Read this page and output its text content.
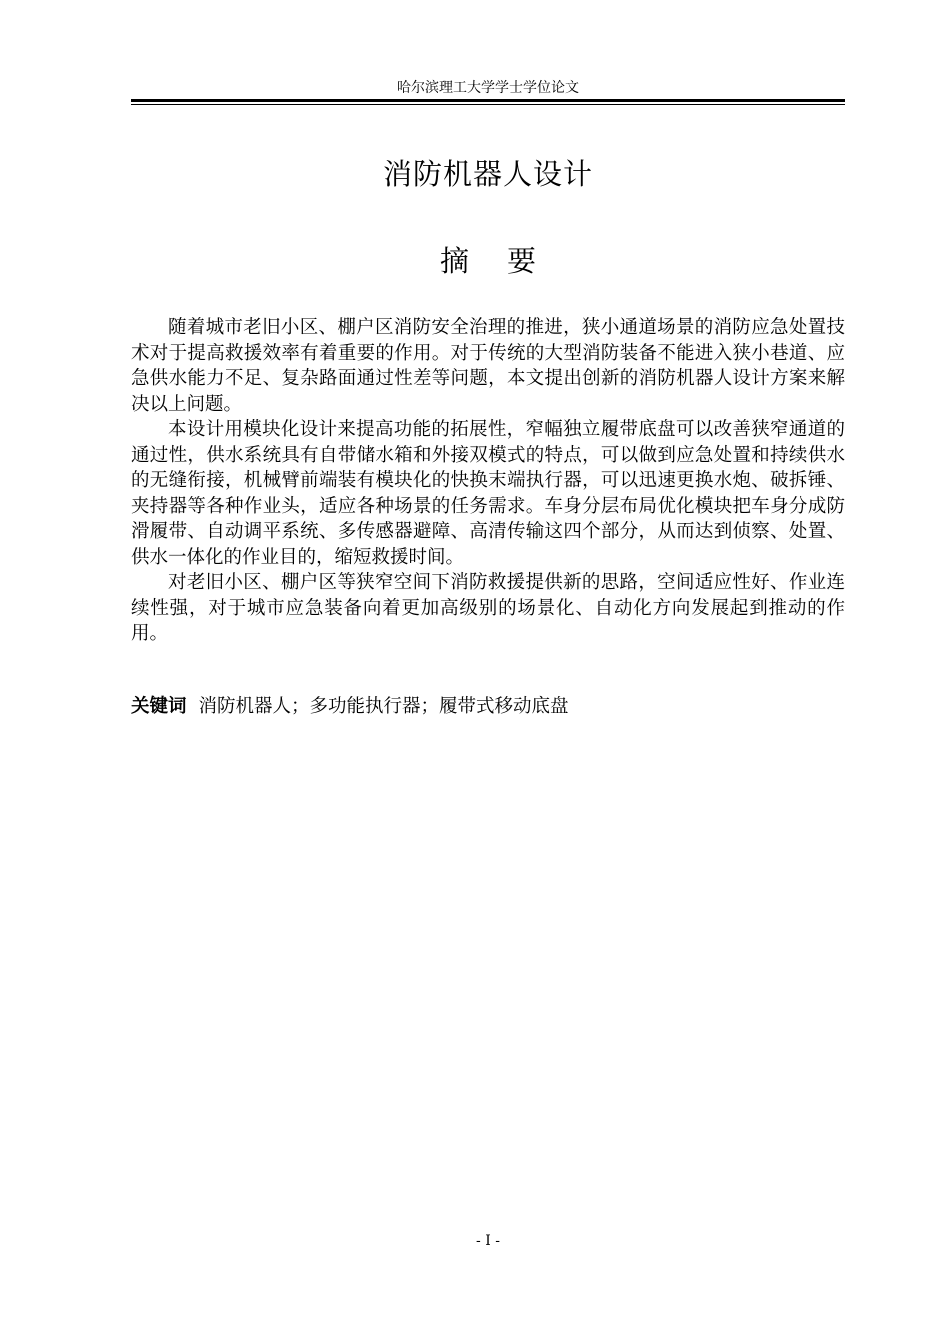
哈尔滨理工大学学士学位论文
消防机器人设计
摘 要

随着城市老旧小区、棚户区消防安全治理的推进，狭小通道场景的消防应急处置技术对于提高救援效率有着重要的作用。对于传统的大型消防装备不能进入狭小巷道、应急供水能力不足、复杂路面通过性差等问题，本文提出创新的消防机器人设计方案来解决以上问题。

本设计用模块化设计来提高功能的拓展性，窄幅独立履带底盘可以改善狭窄通道的通过性，供水系统具有自带储水箱和外接双模式的特点，可以做到应急处置和持续供水的无缝衔接，机械臂前端装有模块化的快换末端执行器，可以迅速更换水炮、破拆锤、夹持器等各种作业头，适应各种场景的任务需求。车身分层布局优化模块把车身分成防滑履带、自动调平系统、多传感器避障、高清传输这四个部分，从而达到侦察、处置、供水一体化的作业目的，缩短救援时间。

对老旧小区、棚户区等狭窄空间下消防救援提供新的思路，空间适应性好、作业连续性强，对于城市应急装备向着更加高级别的场景化、自动化方向发展起到推动的作用。

关键词 消防机器人；多功能执行器；履带式移动底盘
- I -
